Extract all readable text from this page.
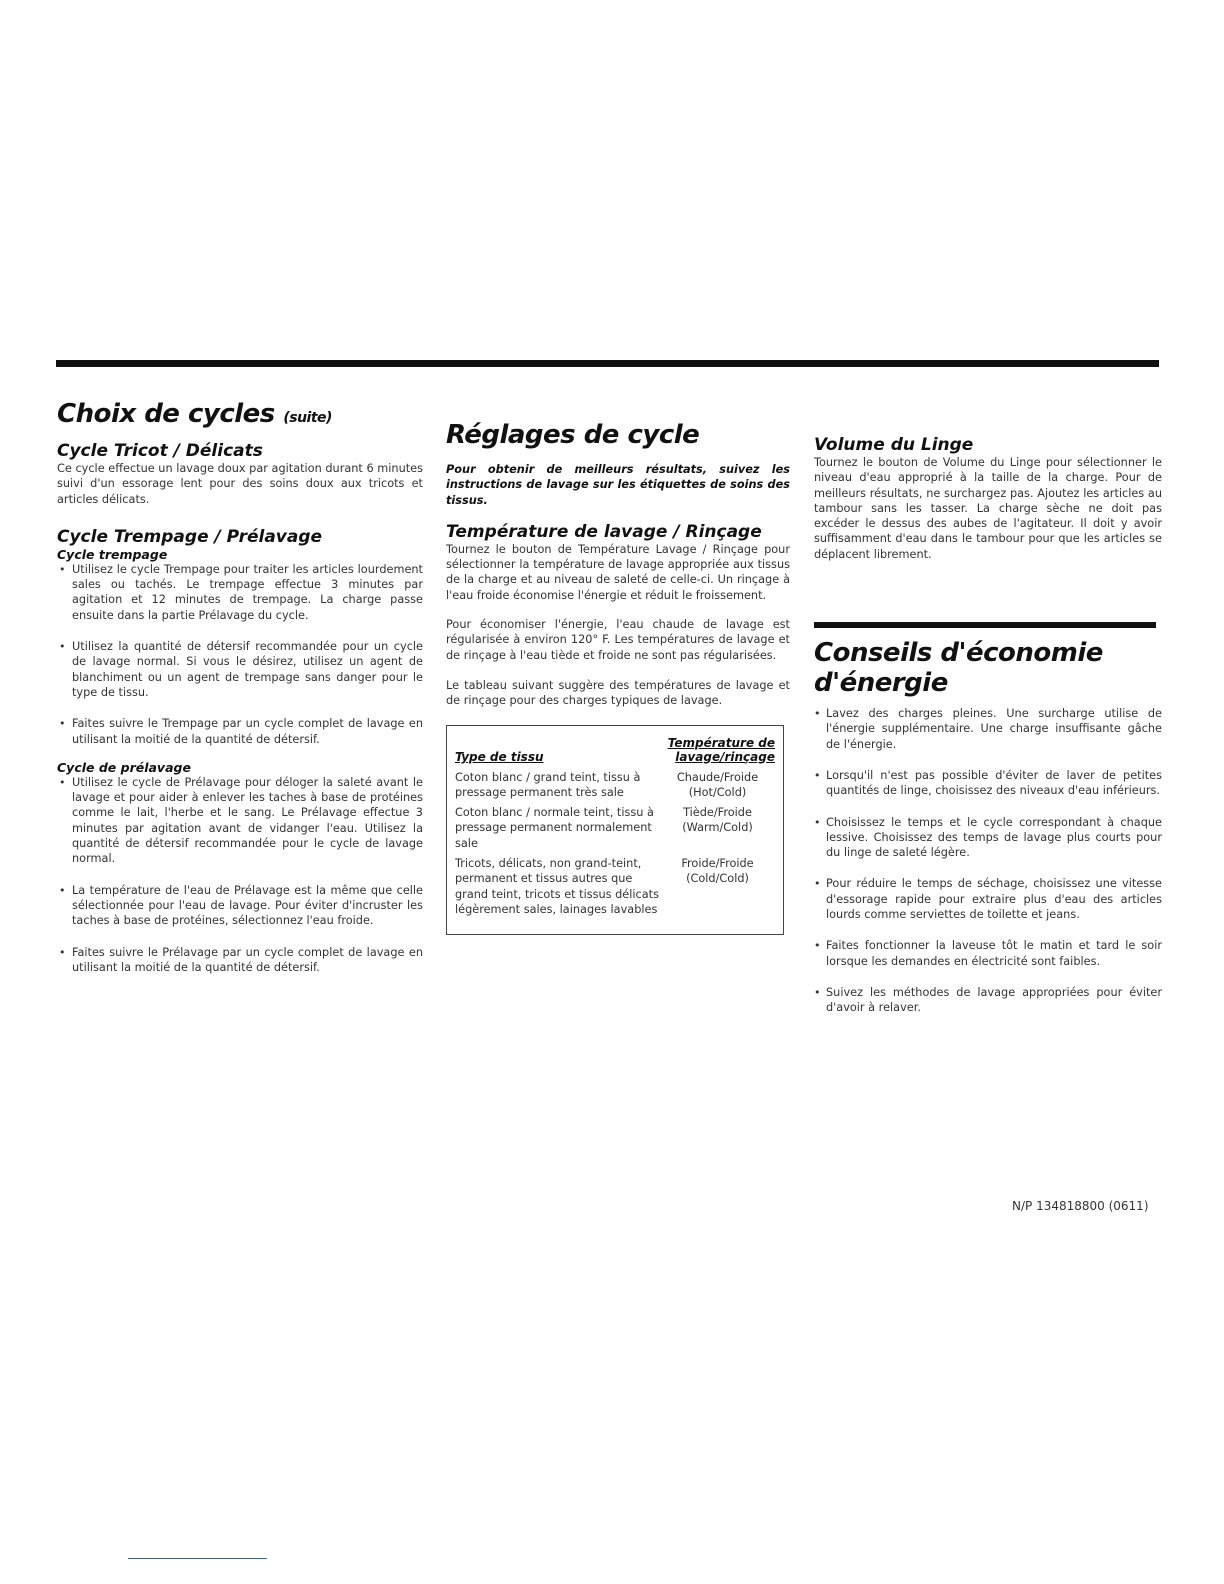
Choix de cycles (suite)
Cycle Tricot / Délicats

Ce cycle effectue un lavage doux par agitation durant 6 minutes suivi d'un essorage lent pour des soins doux aux tricots et articles délicats.

Cycle Trempage / Prélavage
Cycle trempage
• Utilisez le cycle Trempage pour traiter les articles lourdement sales ou tachés. Le trempage effectue 3 minutes par agitation et 12 minutes de trempage. La charge passe ensuite dans la partie Prélavage du cycle.
• Utilisez la quantité de détersif recommandée pour un cycle de lavage normal. Si vous le désirez, utilisez un agent de blanchiment ou un agent de trempage sans danger pour le type de tissu.
• Faites suivre le Trempage par un cycle complet de lavage en utilisant la moitié de la quantité de détersif.
Cycle de prélavage
• Utilisez le cycle de Prélavage pour déloger la saleté avant le lavage et pour aider à enlever les taches à base de protéines comme le lait, l'herbe et le sang. Le Prélavage effectue 3 minutes par agitation avant de vidanger l'eau. Utilisez la quantité de détersif recommandée pour le cycle de lavage normal.
• La température de l'eau de Prélavage est la même que celle sélectionnée pour l'eau de lavage. Pour éviter d'incruster les taches à base de protéines, sélectionnez l'eau froide.
• Faites suivre le Prélavage par un cycle complet de lavage en utilisant la moitié de la quantité de détersif.
Réglages de cycle

Pour obtenir de meilleurs résultats, suivez les instructions de lavage sur les étiquettes de soins des tissus.

Température de lavage / Rinçage

Tournez le bouton de Température Lavage / Rinçage pour sélectionner la température de lavage appropriée aux tissus de la charge et au niveau de saleté de celle-ci. Un rinçage à l'eau froide économise l'énergie et réduit le froissement.

Pour économiser l'énergie, l'eau chaude de lavage est régularisée à environ 120° F. Les températures de lavage et de rinçage à l'eau tiède et froide ne sont pas régularisées.

Le tableau suivant suggère des températures de lavage et de rinçage pour des charges typiques de lavage.

Type de tissu	Température de
lavage/rinçage
Coton blanc / grand teint, tissu à pressage permanent très sale	Chaude/Froide
(Hot/Cold)

Coton blanc / normale teint, tissu à pressage permanent normalement sale	Tiède/Froide
(Warm/Cold)

Tricots, délicats, non grand-teint, permanent et tissus autres que grand teint, tricots et tissus délicats légèrement sales, lainages lavables	Froide/Froide
(Cold/Cold)
Volume du Linge

Tournez le bouton de Volume du Linge pour sélectionner le niveau d'eau approprié à la taille de la charge. Pour de meilleurs résultats, ne surchargez pas. Ajoutez les articles au tambour sans les tasser. La charge sèche ne doit pas excéder le dessus des aubes de l'agitateur. Il doit y avoir suffisamment d'eau dans le tambour pour que les articles se déplacent librement.

Conseils d'économie d'énergie
• Lavez des charges pleines. Une surcharge utilise de l'énergie supplémentaire. Une charge insuffisante gâche de l'énergie.
• Lorsqu'il n'est pas possible d'éviter de laver de petites quantités de linge, choisissez des niveaux d'eau inférieurs.
• Choisissez le temps et le cycle correspondant à chaque lessive. Choisissez des temps de lavage plus courts pour du linge de saleté légère.
• Pour réduire le temps de séchage, choisissez une vitesse d'essorage rapide pour extraire plus d'eau des articles lourds comme serviettes de toilette et jeans.
• Faites fonctionner la laveuse tôt le matin et tard le soir lorsque les demandes en électricité sont faibles.
• Suivez les méthodes de lavage appropriées pour éviter d'avoir à relaver.
N/P 134818800 (0611)
